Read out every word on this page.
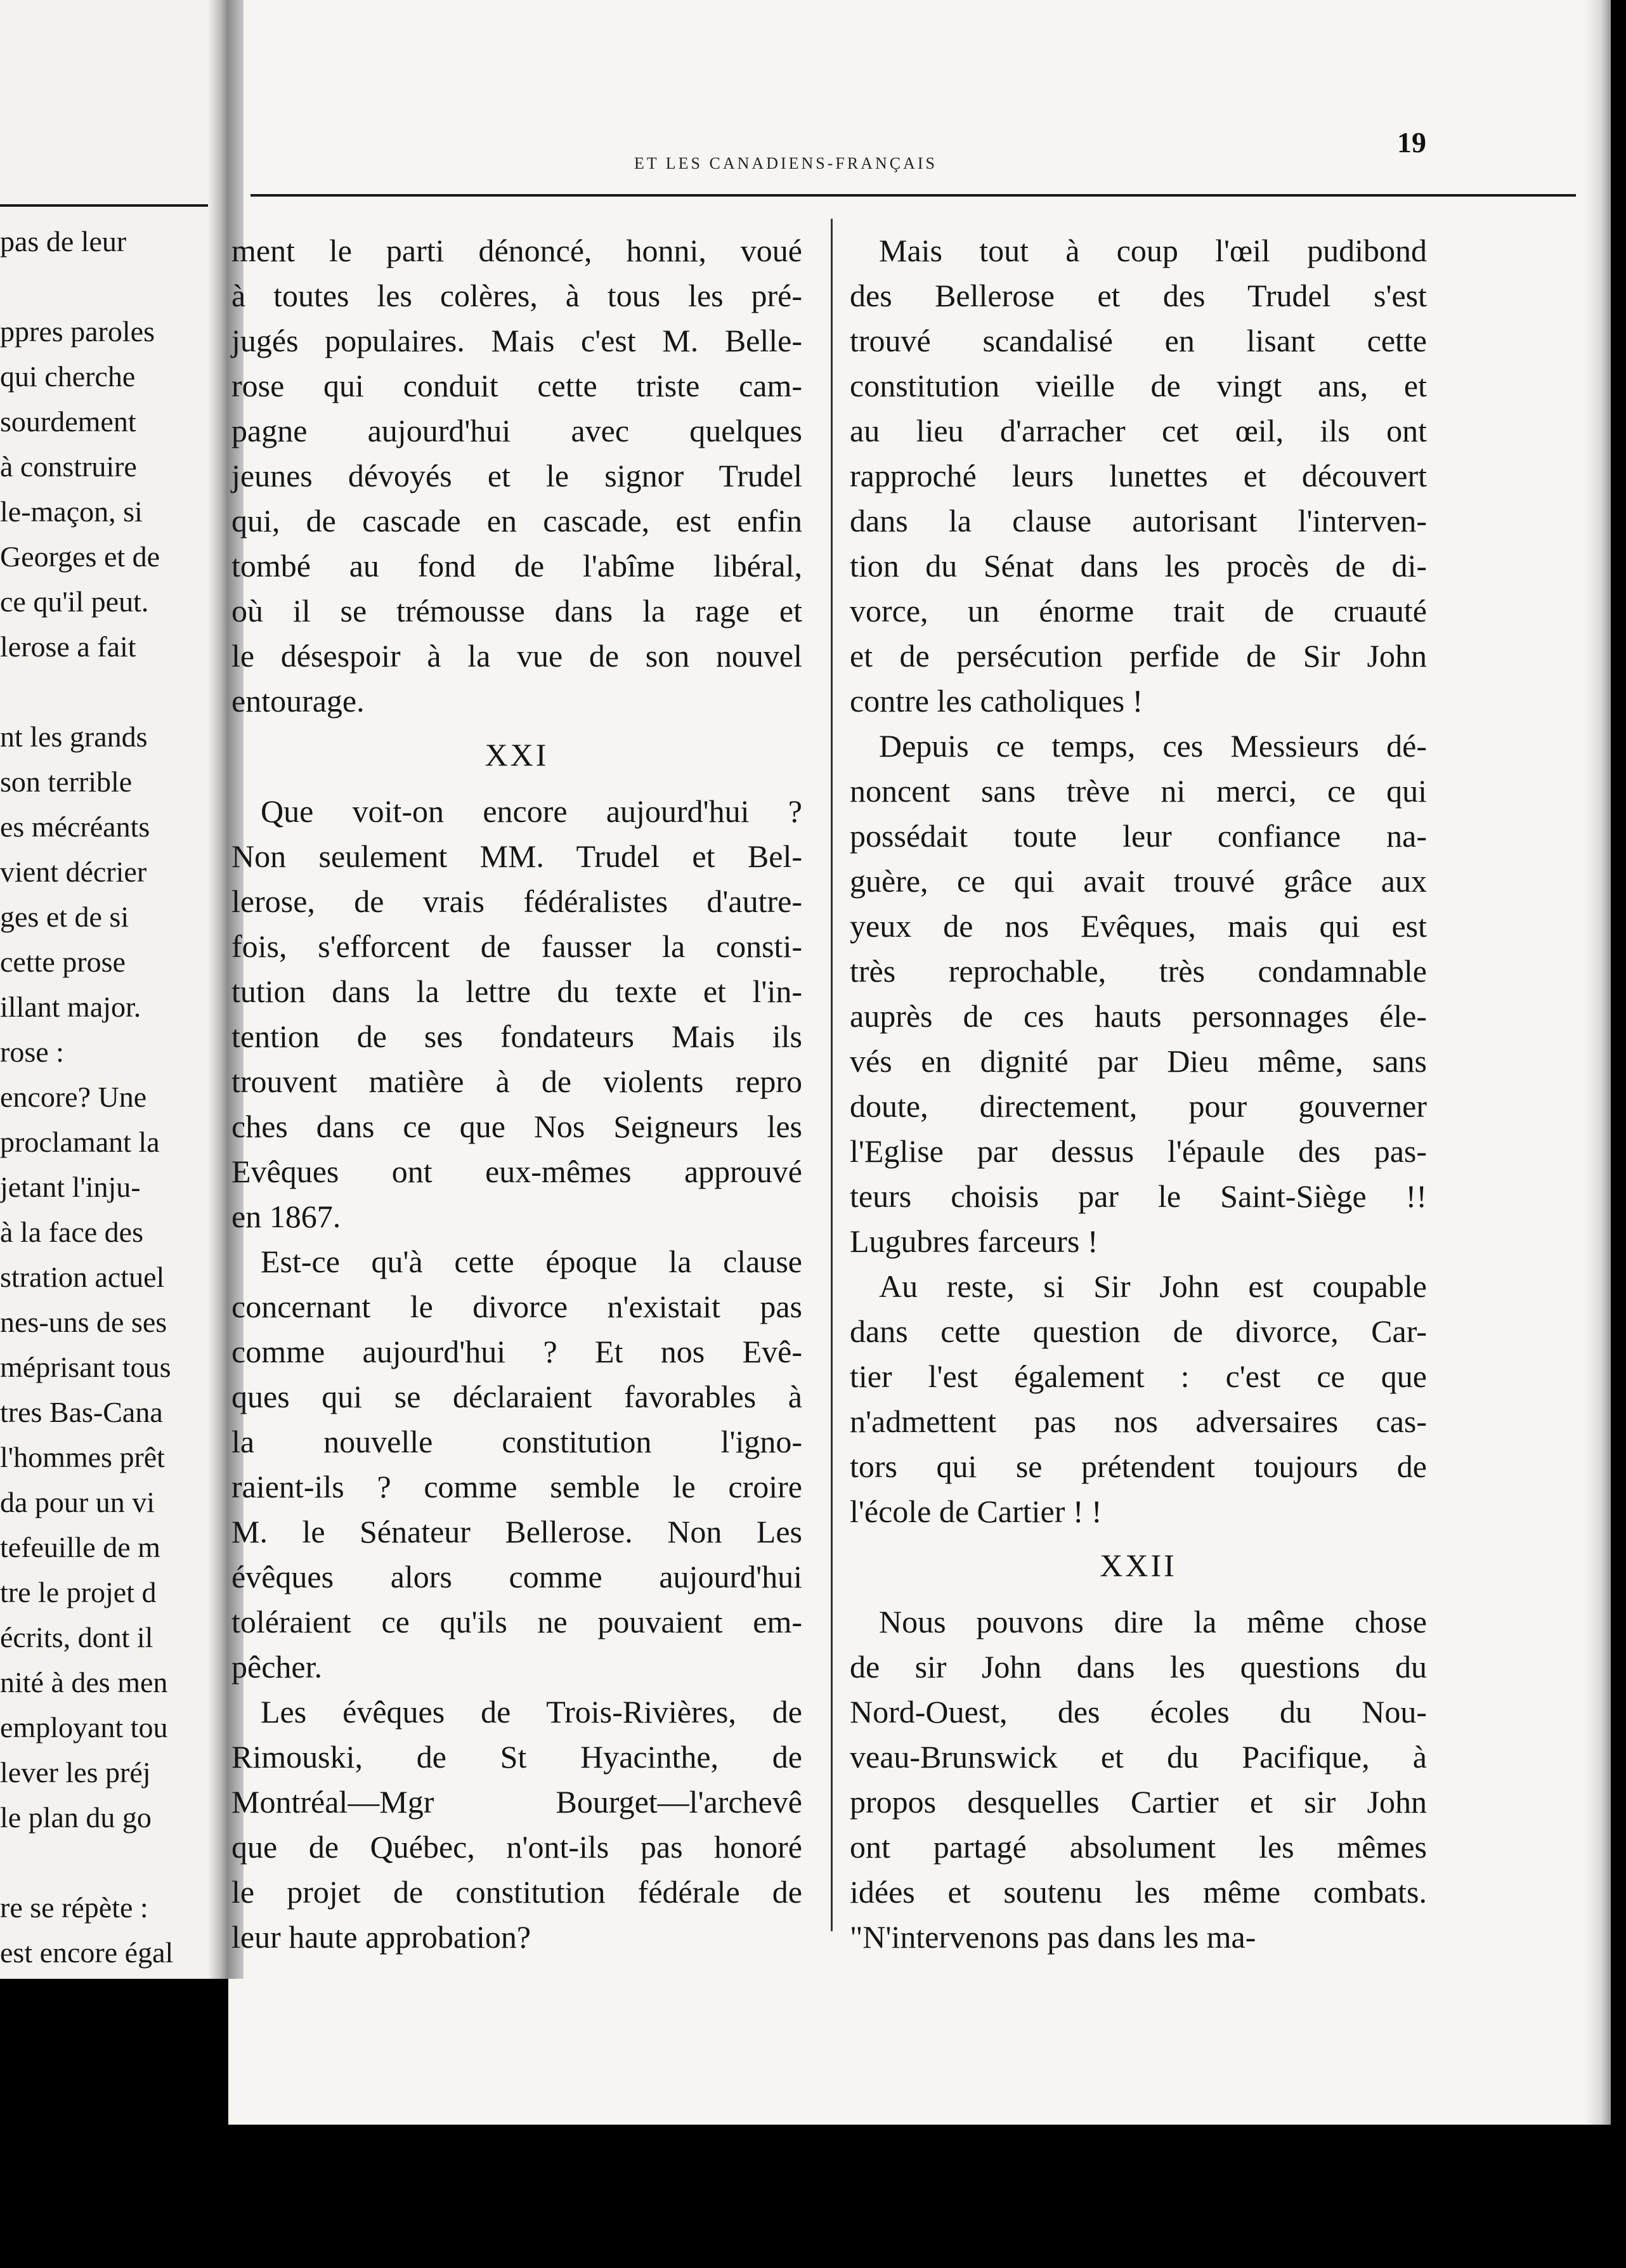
pas de leur

ppres paroles
qui cherche
sourdement
à construire
le-maçon, si
Georges et de
ce qu'il peut.
lerose a fait

nt les grands
son terrible
es mécréants
vient décrier
ges et de si
cette prose
illant major.
rose :
encore? Une
proclamant la
jetant l'inju-
à la face des
stration actuel
nes-uns de ses
méprisant tous
tres Bas-Cana
l'hommes prêt
da pour un vi
tefeuille de m
tre le projet d
écrits, dont il
nité à des men
employant tou
lever les préj
le plan du go

re se répète :
est encore égal
ET LES CANADIENS-FRANÇAIS
19
ment le parti dénoncé, honni, voué
à toutes les colères, à tous les pré-
jugés populaires. Mais c'est M. Belle-
rose qui conduit cette triste cam-
pagne aujourd'hui avec quelques
jeunes dévoyés et le signor Trudel
qui, de cascade en cascade, est enfin
tombé au fond de l'abîme libéral,
où il se trémousse dans la rage et
le désespoir à la vue de son nouvel
entourage.
XXI
Que voit-on encore aujourd'hui ?
Non seulement MM. Trudel et Bel-
lerose, de vrais fédéralistes d'autre-
fois, s'efforcent de fausser la consti-
tution dans la lettre du texte et l'in-
tention de ses fondateurs Mais ils
trouvent matière à de violents repro
ches dans ce que Nos Seigneurs les
Evêques ont eux-mêmes approuvé
en 1867.
Est-ce qu'à cette époque la clause
concernant le divorce n'existait pas
comme aujourd'hui ? Et nos Evê-
ques qui se déclaraient favorables à
la nouvelle constitution l'igno-
raient-ils ? comme semble le croire
M. le Sénateur Bellerose. Non Les
évêques alors comme aujourd'hui
toléraient ce qu'ils ne pouvaient em-
pêcher.
Les évêques de Trois-Rivières, de
Rimouski, de St Hyacinthe, de
Montréal—Mgr Bourget—l'archevê
que de Québec, n'ont-ils pas honoré
le projet de constitution fédérale de
leur haute approbation?
Mais tout à coup l'œil pudibond
des Bellerose et des Trudel s'est
trouvé scandalisé en lisant cette
constitution vieille de vingt ans, et
au lieu d'arracher cet œil, ils ont
rapproché leurs lunettes et découvert
dans la clause autorisant l'interven-
tion du Sénat dans les procès de di-
vorce, un énorme trait de cruauté
et de persécution perfide de Sir John
contre les catholiques !
Depuis ce temps, ces Messieurs dé-
noncent sans trève ni merci, ce qui
possédait toute leur confiance na-
guère, ce qui avait trouvé grâce aux
yeux de nos Evêques, mais qui est
très reprochable, très condamnable
auprès de ces hauts personnages éle-
vés en dignité par Dieu même, sans
doute, directement, pour gouverner
l'Eglise par dessus l'épaule des pas-
teurs choisis par le Saint-Siège !!
Lugubres farceurs !
Au reste, si Sir John est coupable
dans cette question de divorce, Car-
tier l'est également : c'est ce que
n'admettent pas nos adversaires cas-
tors qui se prétendent toujours de
l'école de Cartier ! !
XXII
Nous pouvons dire la même chose
de sir John dans les questions du
Nord-Ouest, des écoles du Nou-
veau-Brunswick et du Pacifique, à
propos desquelles Cartier et sir John
ont partagé absolument les mêmes
idées et soutenu les même combats.
"N'intervenons pas dans les ma-
